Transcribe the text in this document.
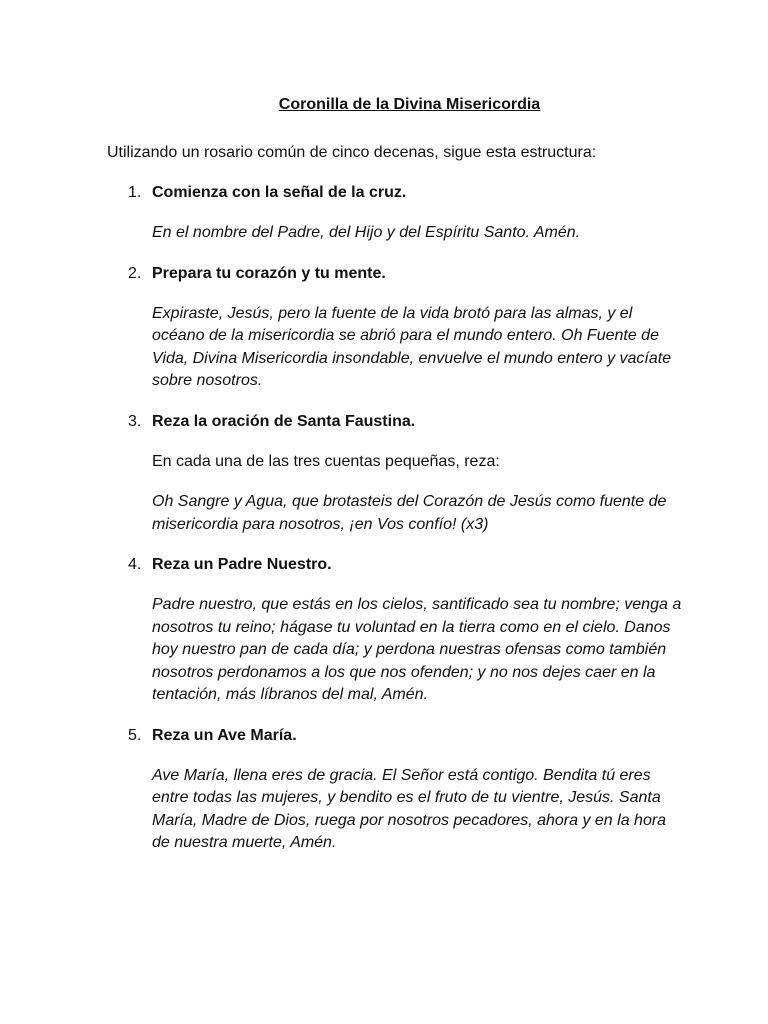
Coronilla de la Divina Misericordia

Utilizando un rosario común de cinco decenas, sigue esta estructura:

1. Comienza con la señal de la cruz.

En el nombre del Padre, del Hijo y del Espíritu Santo. Amén.

2. Prepara tu corazón y tu mente.

Expiraste, Jesús, pero la fuente de la vida brotó para las almas, y el océano de la misericordia se abrió para el mundo entero. Oh Fuente de Vida, Divina Misericordia insondable, envuelve el mundo entero y vacíate sobre nosotros.

3. Reza la oración de Santa Faustina.

En cada una de las tres cuentas pequeñas, reza:

Oh Sangre y Agua, que brotasteis del Corazón de Jesús como fuente de misericordia para nosotros, ¡en Vos confío! (x3)

4. Reza un Padre Nuestro.

Padre nuestro, que estás en los cielos, santificado sea tu nombre; venga a nosotros tu reino; hágase tu voluntad en la tierra como en el cielo. Danos hoy nuestro pan de cada día; y perdona nuestras ofensas como también nosotros perdonamos a los que nos ofenden; y no nos dejes caer en la tentación, más líbranos del mal, Amén.

5. Reza un Ave María.

Ave María, llena eres de gracia. El Señor está contigo. Bendita tú eres entre todas las mujeres, y bendito es el fruto de tu vientre, Jesús. Santa María, Madre de Dios, ruega por nosotros pecadores, ahora y en la hora de nuestra muerte, Amén.
